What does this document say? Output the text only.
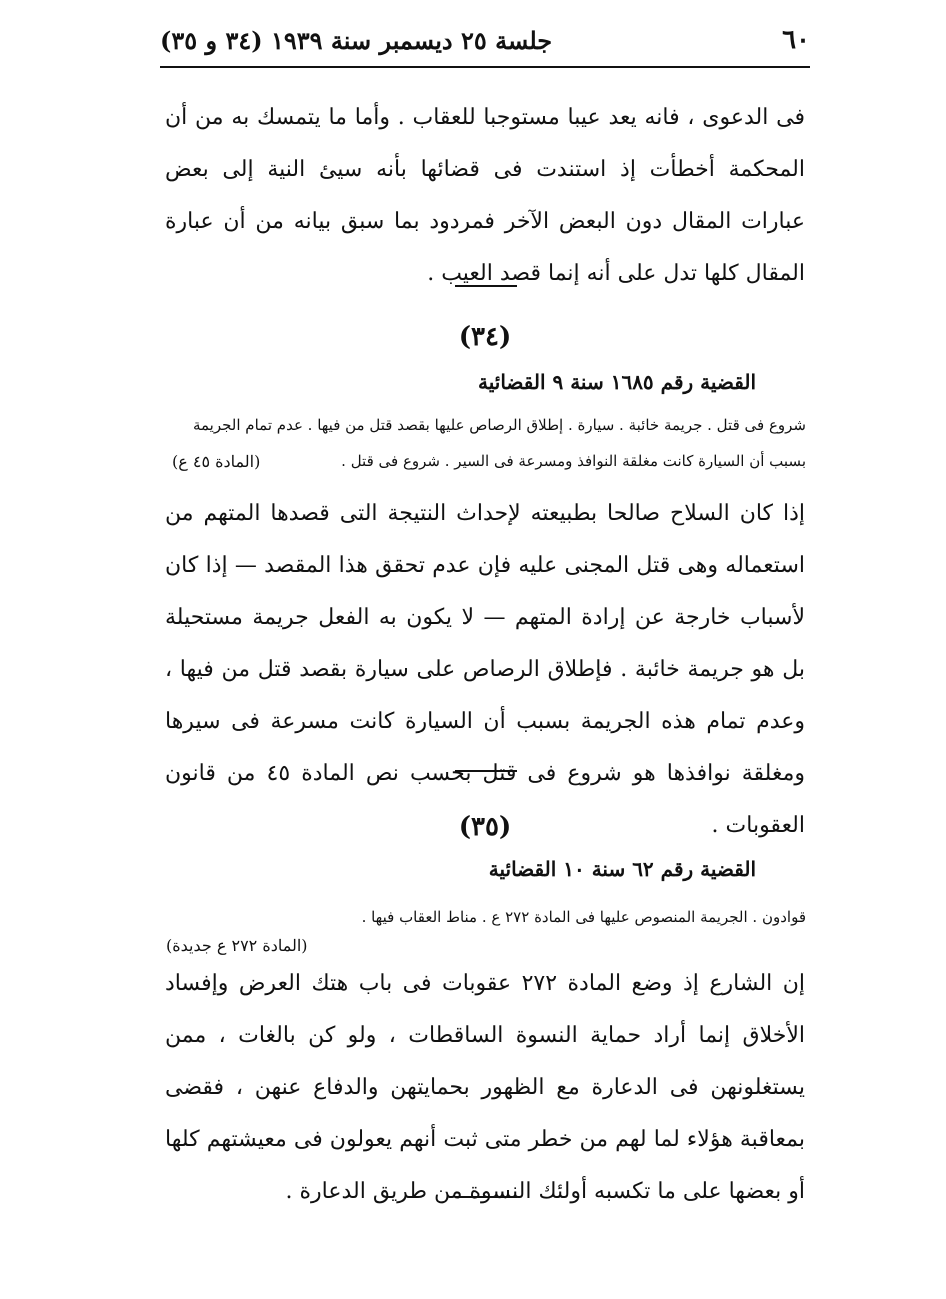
٦٠
جلسة ٢٥ ديسمبر سنة ١٩٣٩ (٣٤ و ٣٥)

فى الدعوى ، فانه يعد عيبا مستوجبا للعقاب . وأما ما يتمسك به من أن المحكمة أخطأت إذ استندت فى قضائها بأنه سيئ النية إلى بعض عبارات المقال دون البعض الآخر فمردود بما سبق بيانه من أن عبارة المقال كلها تدل على أنه إنما قصد العيب .

(٣٤)
القضية رقم ١٦٨٥ سنة ٩ القضائية
شروع فى قتل . جريمة خائبة . سيارة . إطلاق الرصاص عليها بقصد قتل من فيها . عدم تمام الجريمة
بسبب أن السيارة كانت مغلقة النوافذ ومسرعة فى السير . شروع فى قتل .
(المادة ٤٥ ع)

إذا كان السلاح صالحا بطبيعته لإحداث النتيجة التى قصدها المتهم من استعماله وهى قتل المجنى عليه فإن عدم تحقق هذا المقصد — إذا كان لأسباب خارجة عن إرادة المتهم — لا يكون به الفعل جريمة مستحيلة بل هو جريمة خائبة . فإطلاق الرصاص على سيارة بقصد قتل من فيها ، وعدم تمام هذه الجريمة بسبب أن السيارة كانت مسرعة فى سيرها ومغلقة نوافذها هو شروع فى قتل بحسب نص المادة ٤٥ من قانون العقوبات .

(٣٥)
القضية رقم ٦٢ سنة ١٠ القضائية
قوادون . الجريمة المنصوص عليها فى المادة ٢٧٢ ع . مناط العقاب فيها .
(المادة ٢٧٢ ع جديدة)

إن الشارع إذ وضع المادة ٢٧٢ عقوبات فى باب هتك العرض وإفساد الأخلاق إنما أراد حماية النسوة الساقطات ، ولو كن بالغات ، ممن يستغلونهن فى الدعارة مع الظهور بحمايتهن والدفاع عنهن ، فقضى بمعاقبة هؤلاء لما لهم من خطر متى ثبت أنهم يعولون فى معيشتهم كلها أو بعضها على ما تكسبه أولئك النسوة من طريق الدعارة .
